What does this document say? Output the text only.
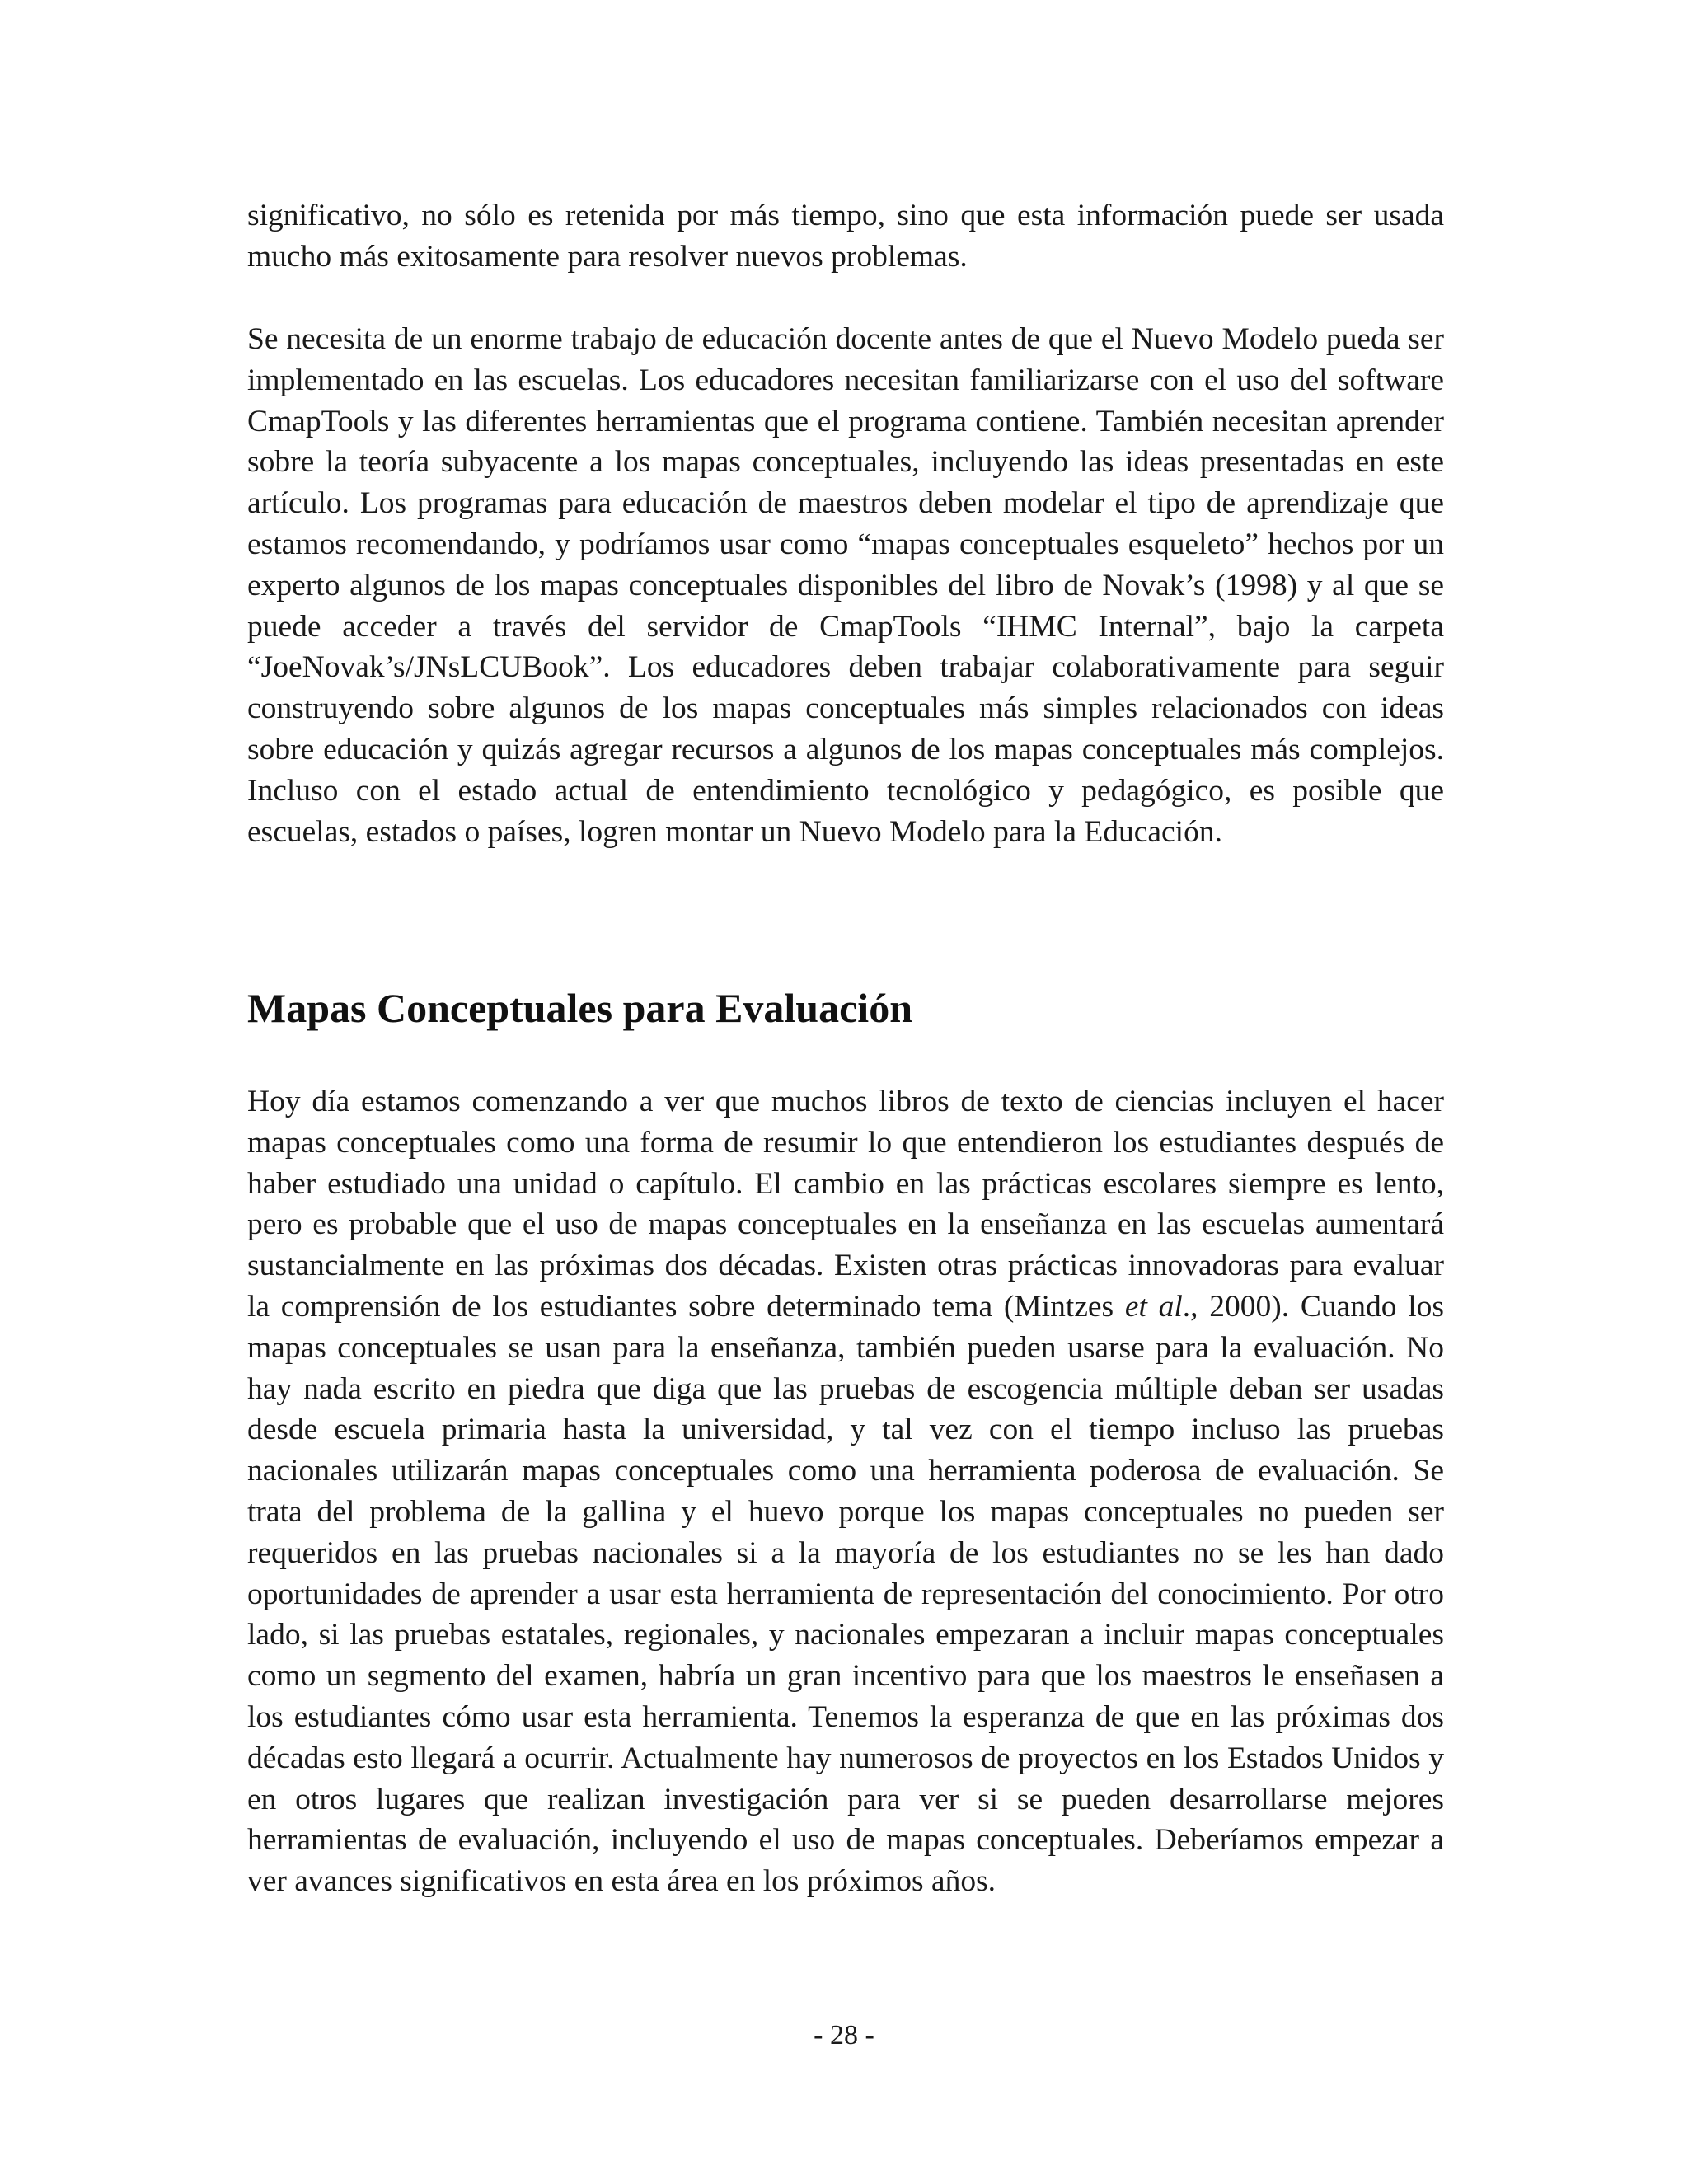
significativo, no sólo es retenida por más tiempo, sino que esta información puede ser usada mucho más exitosamente para resolver nuevos problemas.

Se necesita de un enorme trabajo de educación docente antes de que el Nuevo Modelo pueda ser implementado en las escuelas. Los educadores necesitan familiarizarse con el uso del software CmapTools y las diferentes herramientas que el programa contiene. También necesitan aprender sobre la teoría subyacente a los mapas conceptuales, incluyendo las ideas presentadas en este artículo. Los programas para educación de maestros deben modelar el tipo de aprendizaje que estamos recomendando, y podríamos usar como “mapas conceptuales esqueleto” hechos por un experto algunos de los mapas conceptuales disponibles del libro de Novak’s (1998) y al que se puede acceder a través del servidor de CmapTools “IHMC Internal”, bajo la carpeta “JoeNovak’s/JNsLCUBook”. Los educadores deben trabajar colaborativamente para seguir construyendo sobre algunos de los mapas conceptuales más simples relacionados con ideas sobre educación y quizás agregar recursos a algunos de los mapas conceptuales más complejos. Incluso con el estado actual de entendimiento tecnológico y pedagógico, es posible que escuelas, estados o países, logren montar un Nuevo Modelo para la Educación.

Mapas Conceptuales para Evaluación

Hoy día estamos comenzando a ver que muchos libros de texto de ciencias incluyen el hacer mapas conceptuales como una forma de resumir lo que entendieron los estudiantes después de haber estudiado una unidad o capítulo. El cambio en las prácticas escolares siempre es lento, pero es probable que el uso de mapas conceptuales en la enseñanza en las escuelas aumentará sustancialmente en las próximas dos décadas. Existen otras prácticas innovadoras para evaluar la comprensión de los estudiantes sobre determinado tema (Mintzes et al., 2000). Cuando los mapas conceptuales se usan para la enseñanza, también pueden usarse para la evaluación. No hay nada escrito en piedra que diga que las pruebas de escogencia múltiple deban ser usadas desde escuela primaria hasta la universidad, y tal vez con el tiempo incluso las pruebas nacionales utilizarán mapas conceptuales como una herramienta poderosa de evaluación. Se trata del problema de la gallina y el huevo porque los mapas conceptuales no pueden ser requeridos en las pruebas nacionales si a la mayoría de los estudiantes no se les han dado oportunidades de aprender a usar esta herramienta de representación del conocimiento. Por otro lado, si las pruebas estatales, regionales, y nacionales empezaran a incluir mapas conceptuales como un segmento del examen, habría un gran incentivo para que los maestros le enseñasen a los estudiantes cómo usar esta herramienta. Tenemos la esperanza de que en las próximas dos décadas esto llegará a ocurrir. Actualmente hay numerosos de proyectos en los Estados Unidos y en otros lugares que realizan investigación para ver si se pueden desarrollarse mejores herramientas de evaluación, incluyendo el uso de mapas conceptuales. Deberíamos empezar a ver avances significativos en esta área en los próximos años.

- 28 -
